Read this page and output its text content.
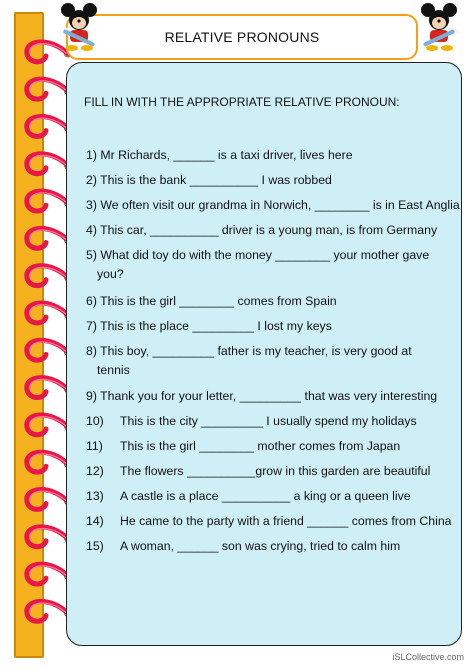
RELATIVE PRONOUNS
FILL IN WITH THE APPROPRIATE RELATIVE PRONOUN:
1) Mr Richards, ______ is a taxi driver, lives here
2) This is the bank __________ I was robbed
3) We often visit our grandma in Norwich, ________ is in East Anglia
4) This car, __________ driver is a young man, is from Germany
5) What did toy do with the money ________ your mother gave
you?
6) This is the girl ________ comes from Spain
7) This is the place _________ I lost my keys
8) This boy, _________ father is my teacher, is very good at
tennis
9) Thank you for your letter, _________ that was very interesting
10) This is the city _________ I usually spend my holidays
11) This is the girl ________ mother comes from Japan
12) The flowers __________grow in this garden are beautiful
13) A castle is a place __________ a king or a queen live
14) He came to the party with a friend ______ comes from China
15) A woman, ______ son was crying, tried to calm him
iSLCollective.com
